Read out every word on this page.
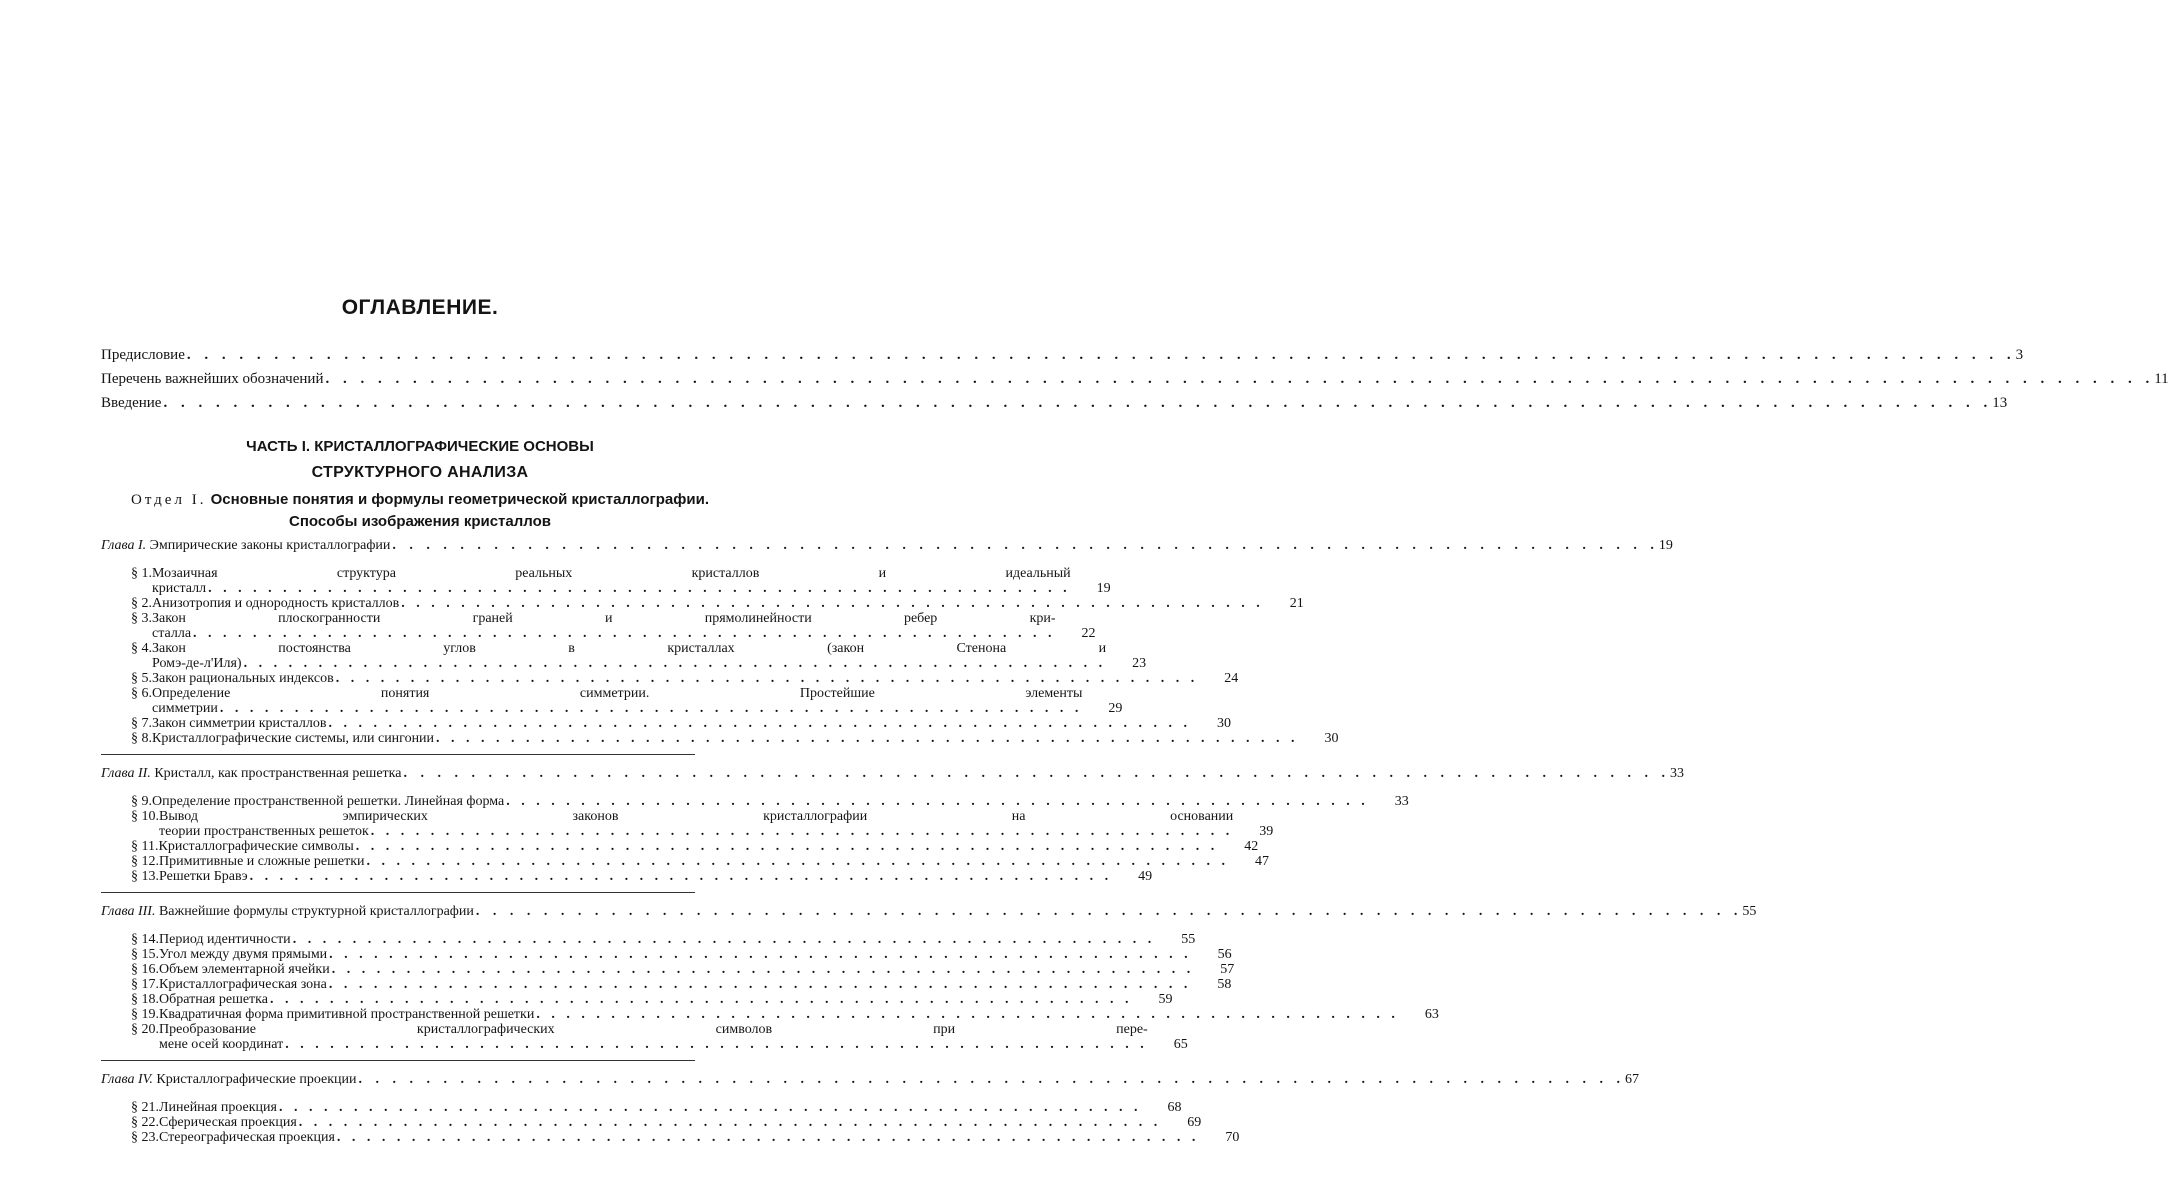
ОГЛАВЛЕНИЕ.
Предисловие . . .	3
Перечень важнейших обозначений . . .	11
Введение . . .	13
ЧАСТЬ I. КРИСТАЛЛОГРАФИЧЕСКИЕ ОСНОВЫ
СТРУКТУРНОГО АНАЛИЗА
Отдел I. Основные понятия и формулы геометрической кристаллографии.
Способы изображения кристаллов
Глава I. Эмпирические законы кристаллографии . . .	19
§ 1. Мозаичная структура реальных кристаллов и идеальный
кристалл . . .	19
§ 2. Анизотропия и однородность кристаллов . . .	21
§ 3. Закон плоскогранности граней и прямолинейности ребер кри-
сталла . . .	22
§ 4. Закон постоянства углов в кристаллах (закон Стенона и
Ромэ-де-л'Иля) . . .	23
§ 5. Закон рациональных индексов . . .	24
§ 6. Определение понятия симметрии. Простейшие элементы
симметрии . . .	29
§ 7. Закон симметрии кристаллов . . .	30
§ 8. Кристаллографические системы, или сингонии . . .	30
Глава II. Кристалл, как пространственная решетка . . .	33
§ 9. Определение пространственной решетки. Линейная форма . . .	33
§ 10. Вывод эмпирических законов кристаллографии на основании
теории пространственных решеток . . .	39
§ 11. Кристаллографические символы . . .	42
§ 12. Примитивные и сложные решетки . . .	47
§ 13. Решетки Бравэ . . .	49
Глава III. Важнейшие формулы структурной кристаллографии . . .	55
§ 14. Период идентичности . . .	55
§ 15. Угол между двумя прямыми . . .	56
§ 16. Объем элементарной ячейки . . .	57
§ 17. Кристаллографическая зона . . .	58
§ 18. Обратная решетка . . .	59
§ 19. Квадратичная форма примитивной пространственной решетки . . .	63
§ 20. Преобразование кристаллографических символов при пере-
мене осей координат . . .	65
Глава IV. Кристаллографические проекции . . .	67
§ 21. Линейная проекция . . .	68
§ 22. Сферическая проекция . . .	69
§ 23. Стереографическая проекция . . .	70
